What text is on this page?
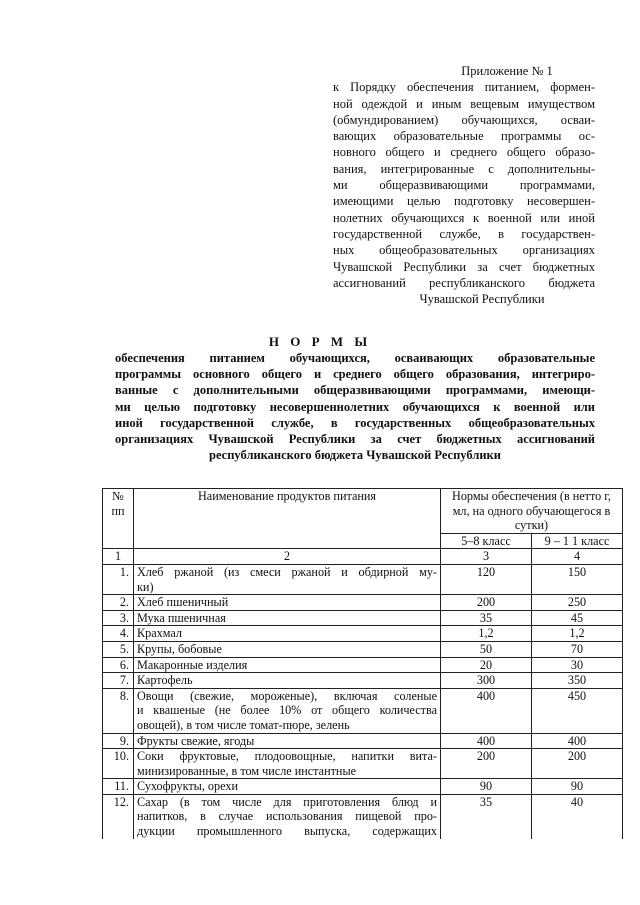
Приложение № 1
к Порядку обеспечения питанием, формен-
ной одеждой и иным вещевым имуществом
(обмундированием) обучающихся, осваи-
вающих образовательные программы ос-
новного общего и среднего общего образо-
вания, интегрированные с дополнительны-
ми общеразвивающими программами,
имеющими целью подготовку несовершен-
нолетних обучающихся к военной или иной
государственной службе, в государствен-
ных общеобразовательных организациях
Чувашской Республики за счет бюджетных
ассигнований республиканского бюджета
Чувашской Республики
Н О Р М Ы
обеспечения питанием обучающихся, осваивающих образовательные
программы основного общего и среднего общего образования, интегриро-
ванные с дополнительными общеразвивающими программами, имеющи-
ми целью подготовку несовершеннолетних обучающихся к военной или
иной государственной службе, в государственных общеобразовательных
организациях Чувашской Республики за счет бюджетных ассигнований
республиканского бюджета Чувашской Республики
№ пп	Наименование продуктов питания	Нормы обеспечения (в нетто г, мл, на одного обучающегося в сутки)	
		5–8 класс	9 – 1 1 класс
1	2	3	4
1.	Хлеб ржаной (из смеси ржаной и обдирной му-
ки)	120	150
2.	Хлеб пшеничный	200	250
3.	Мука пшеничная	35	45
4.	Крахмал	1,2	1,2
5.	Крупы, бобовые	50	70
6.	Макаронные изделия	20	30
7.	Картофель	300	350
8.	Овощи (свежие, мороженые), включая соленые
и квашеные (не более 10% от общего количества
овощей), в том числе томат-пюре, зелень	400	450
9.	Фрукты свежие, ягоды	400	400
10.	Соки фруктовые, плодоовощные, напитки вита-
минизированные, в том числе инстантные	200	200
11.	Сухофрукты, орехи	90	90
12.	Сахар (в том числе для приготовления блюд и
напитков, в случае использования пищевой про-
дукции промышленного выпуска, содержащих	35	40
